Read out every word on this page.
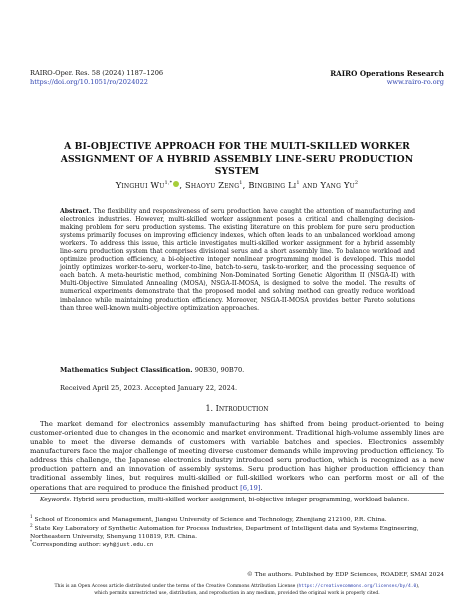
RAIRO-Oper. Res. 58 (2024) 1187–1206
https://doi.org/10.1051/ro/2024022
RAIRO Operations Research
www.rairo-ro.org
A BI-OBJECTIVE APPROACH FOR THE MULTI-SKILLED WORKER
ASSIGNMENT OF A HYBRID ASSEMBLY LINE-SERU PRODUCTION SYSTEM
Yinghui $Wu^{1,*}$ , Shaoyu Zeng$^1$, Bingbing Li$^1$ and Yang Yu$^2$
Abstract. The flexibility and responsiveness of seru production have caught the attention of manufacturing and electronics industries. However, multi-skilled worker assignment poses a critical and challenging decision-making problem for seru production systems. The existing literature on this problem for pure seru production systems primarily focuses on improving efficiency indexes, which often leads to an unbalanced workload among workers. To address this issue, this article investigates multi-skilled worker assignment for a hybrid assembly line-seru production system that comprises divisional serus and a short assembly line. To balance workload and optimize production efficiency, a bi-objective integer nonlinear programming model is developed. This model jointly optimizes worker-to-seru, worker-to-line, batch-to-seru, task-to-worker, and the processing sequence of each batch. A meta-heuristic method, combining Non-Dominated Sorting Genetic Algorithm II (NSGA-II) with Multi-Objective Simulated Annealing (MOSA), NSGA-II-MOSA, is designed to solve the model. The results of numerical experiments demonstrate that the proposed model and solving method can greatly reduce workload imbalance while maintaining production efficiency. Moreover, NSGA-II-MOSA provides better Pareto solutions than three well-known multi-objective optimization approaches.
Mathematics Subject Classification. 90B30, 90B70.
Received April 25, 2023. Accepted January 22, 2024.
1. Introduction
The market demand for electronics assembly manufacturing has shifted from being product-oriented to being customer-oriented due to changes in the economic and market environment. Traditional high-volume assembly lines are unable to meet the diverse demands of customers with variable batches and species. Electronics assembly manufacturers face the major challenge of meeting diverse customer demands while improving production efficiency. To address this challenge, the Japanese electronics industry introduced seru production, which is recognized as a new production pattern and an innovation of assembly systems. Seru production has higher production efficiency than traditional assembly lines, but requires multi-skilled or full-skilled workers who can perform most or all of the operations that are required to produce the finished product [6,19].
Keywords. Hybrid seru production, multi-skilled worker assignment, bi-objective integer programming, workload balance.
$^1$ School of Economics and Management, Jiangsu University of Science and Technology, Zhenjiang 212100, P.R. China.
$^2$ State Key Laboratory of Synthetic Automation for Process Industries, Department of Intelligent data and Systems Engineering,
Northeastern University, Shenyang 110819, P.R. China.
*Corresponding author: wyh@just.edu.cn
© The authors. Published by EDP Sciences, ROADEF, SMAI 2024
This is an Open Access article distributed under the terms of the Creative Commons Attribution License (https://creativecommons.org/licenses/by/4.0),
which permits unrestricted use, distribution, and reproduction in any medium, provided the original work is properly cited.
